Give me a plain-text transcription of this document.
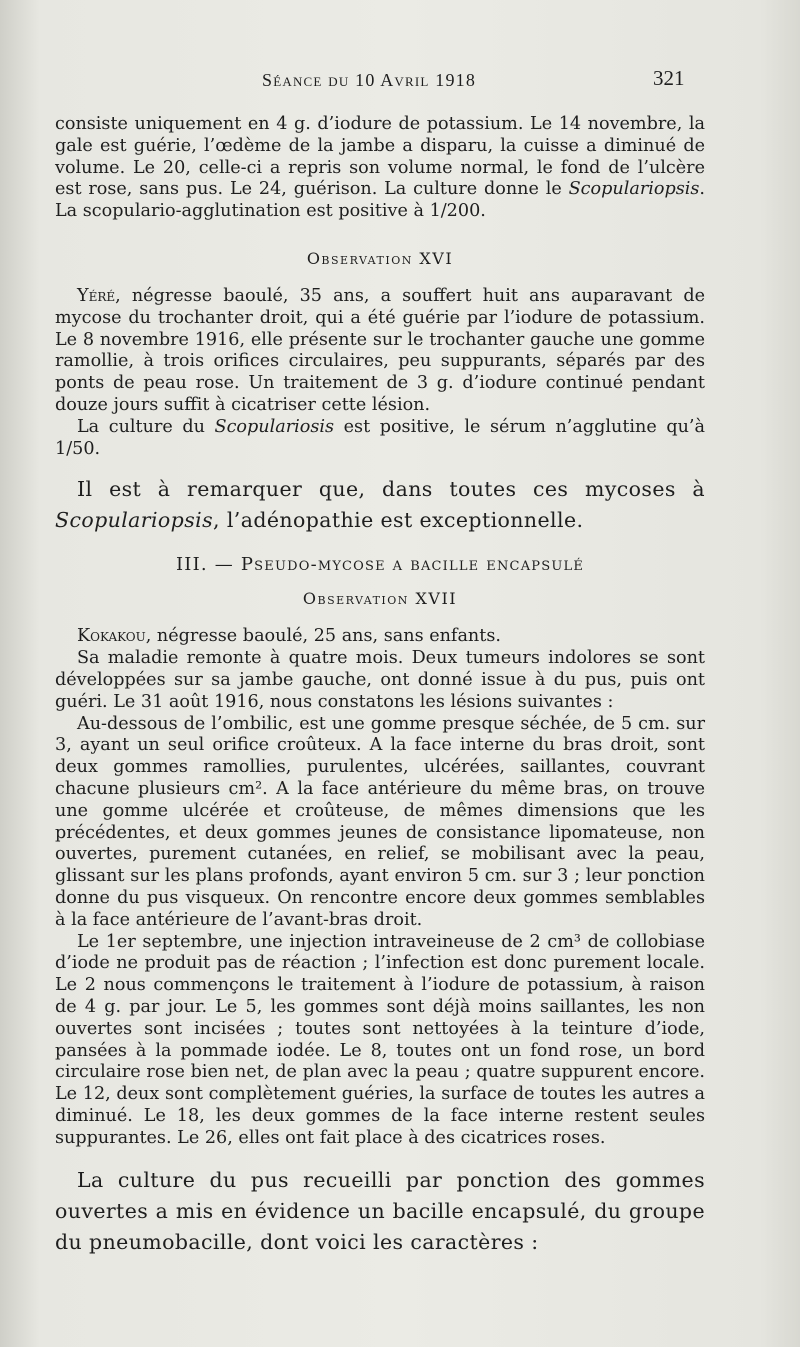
Séance du 10 Avril 1918	321

consiste uniquement en 4 g. d’iodure de potassium. Le 14 novembre, la gale est guérie, l’œdème de la jambe a disparu, la cuisse a diminué de volume. Le 20, celle-ci a repris son volume normal, le fond de l’ulcère est rose, sans pus. Le 24, guérison. La culture donne le Scopulariopsis. La scopulario-agglutination est positive à 1/200.

Observation XVI

Yéré, négresse baoulé, 35 ans, a souffert huit ans auparavant de mycose du trochanter droit, qui a été guérie par l’iodure de potassium. Le 8 novembre 1916, elle présente sur le trochanter gauche une gomme ramollie, à trois orifices circulaires, peu suppurants, séparés par des ponts de peau rose. Un traitement de 3 g. d’iodure continué pendant douze jours suffit à cicatriser cette lésion.

La culture du Scopulariosis est positive, le sérum n’agglutine qu’à 1/50.

Il est à remarquer que, dans toutes ces mycoses à Scopulariopsis, l’adénopathie est exceptionnelle.

III. — Pseudo-mycose a bacille encapsulé
Observation XVII

Kokakou, négresse baoulé, 25 ans, sans enfants.

Sa maladie remonte à quatre mois. Deux tumeurs indolores se sont développées sur sa jambe gauche, ont donné issue à du pus, puis ont guéri. Le 31 août 1916, nous constatons les lésions suivantes :

Au-dessous de l’ombilic, est une gomme presque séchée, de 5 cm. sur 3, ayant un seul orifice croûteux. A la face interne du bras droit, sont deux gommes ramollies, purulentes, ulcérées, saillantes, couvrant chacune plusieurs cm². A la face antérieure du même bras, on trouve une gomme ulcérée et croûteuse, de mêmes dimensions que les précédentes, et deux gommes jeunes de consistance lipomateuse, non ouvertes, purement cutanées, en relief, se mobilisant avec la peau, glissant sur les plans profonds, ayant environ 5 cm. sur 3 ; leur ponction donne du pus visqueux. On rencontre encore deux gommes semblables à la face antérieure de l’avant-bras droit.

Le 1er septembre, une injection intraveineuse de 2 cm³ de collobiase d’iode ne produit pas de réaction ; l’infection est donc purement locale. Le 2 nous commençons le traitement à l’iodure de potassium, à raison de 4 g. par jour. Le 5, les gommes sont déjà moins saillantes, les non ouvertes sont incisées ; toutes sont nettoyées à la teinture d’iode, pansées à la pommade iodée. Le 8, toutes ont un fond rose, un bord circulaire rose bien net, de plan avec la peau ; quatre suppurent encore. Le 12, deux sont complètement guéries, la surface de toutes les autres a diminué. Le 18, les deux gommes de la face interne restent seules suppurantes. Le 26, elles ont fait place à des cicatrices roses.

La culture du pus recueilli par ponction des gommes ouvertes a mis en évidence un bacille encapsulé, du groupe du pneumobacille, dont voici les caractères :
